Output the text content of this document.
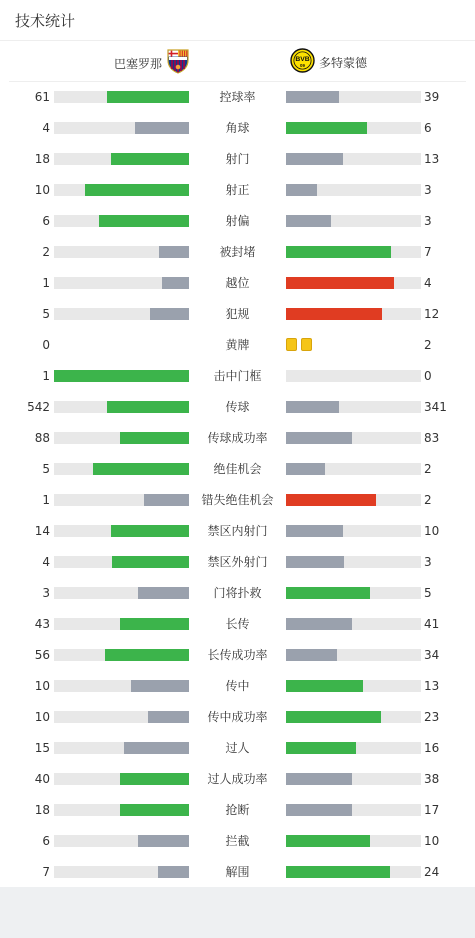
技术统计
巴塞罗那	BVB
09 多特蒙德
61	控球率	39
4	角球	6
18	射门	13
10	射正	3
6	射偏	3
2	被封堵	7
1	越位	4
5	犯规	12
0	黄牌	2
1	击中门框	0
542	传球	341
88	传球成功率	83
5	绝佳机会	2
1	错失绝佳机会	2
14	禁区内射门	10
4	禁区外射门	3
3	门将扑救	5
43	长传	41
56	长传成功率	34
10	传中	13
10	传中成功率	23
15	过人	16
40	过人成功率	38
18	抢断	17
6	拦截	10
7	解围	24
